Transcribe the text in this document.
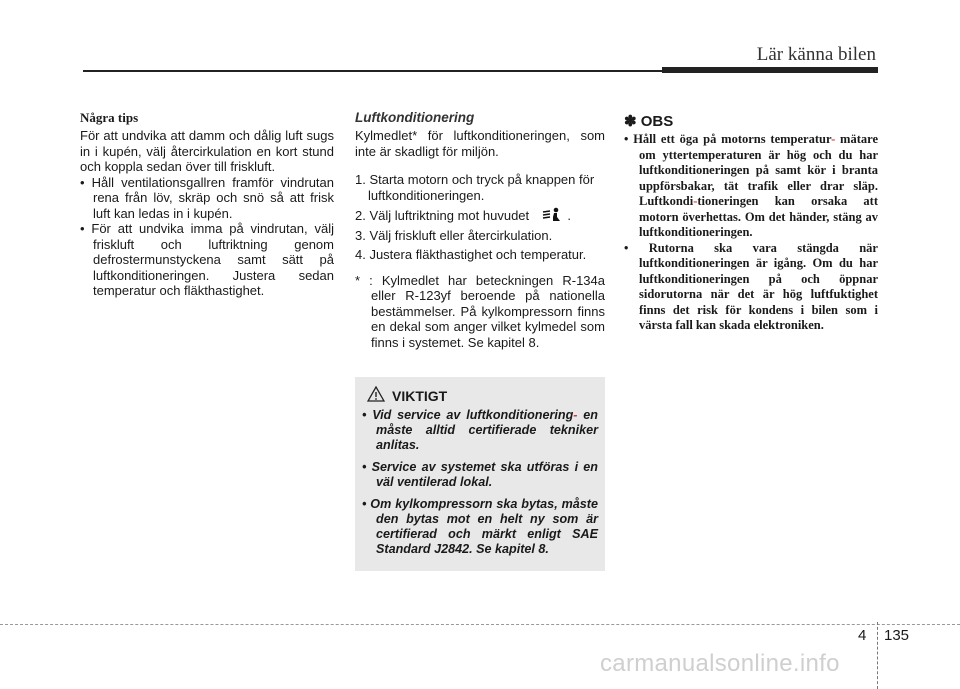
Lär känna bilen

Några tips

För att undvika att damm och dålig luft sugs in i kupén, välj återcirkulation en kort stund och koppla sedan över till friskluft.

• Håll ventilationsgallren framför vindrutan rena från löv, skräp och snö så att frisk luft kan ledas in i kupén.

• För att undvika imma på vindrutan, välj friskluft och luftriktning genom defrostermunstyckena samt sätt på luftkonditioneringen. Justera sedan temperatur och fläkthastighet.

Luftkonditionering

Kylmedlet* för luftkonditioneringen, som inte är skadligt för miljön.

1. Starta motorn och tryck på knappen för luftkonditioneringen.

2. Välj luftriktning mot huvudet	.

3. Välj friskluft eller återcirkulation.

4. Justera fläkthastighet och temperatur.

* : Kylmedlet har beteckningen R-134a eller R-123yf beroende på nationella bestämmelser. På kylkompressorn finns en dekal som anger vilket kylmedel som finns i systemet. Se kapitel 8.

VIKTIGT
• Vid service av luftkonditionering- en måste alltid certifierade tekniker anlitas.
• Service av systemet ska utföras i en väl ventilerad lokal.
• Om kylkompressorn ska bytas, måste den bytas mot en helt ny som är certifierad och märkt enligt SAE Standard J2842. Se kapitel 8.
✽ OBS
• Håll ett öga på motorns temperatur- mätare om yttertemperaturen är hög och du har luftkonditioneringen på samt kör i branta uppförsbakar, tät trafik eller drar släp. Luftkondi-tioneringen kan orsaka att motorn överhettas. Om det händer, stäng av luftkonditioneringen.
• Rutorna ska vara stängda när luftkonditioneringen är igång. Om du har luftkonditioneringen på och öppnar sidorutorna när det är hög luftfuktighet finns det risk för kondens i bilen som i värsta fall kan skada elektroniken.
4 135
carmanualsonline.info
